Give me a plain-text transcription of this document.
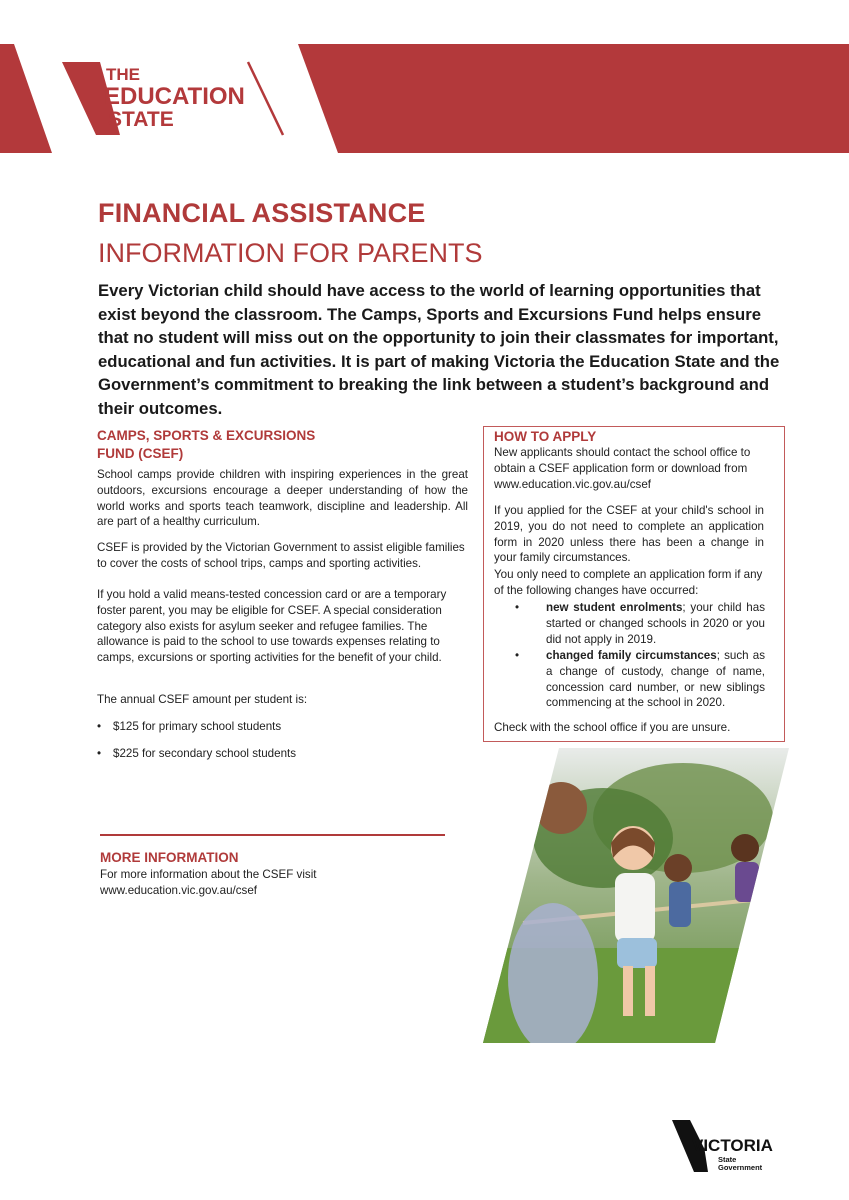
THE
EDUCATION
STATE
FINANCIAL ASSISTANCE
INFORMATION FOR PARENTS
Every Victorian child should have access to the world of learning opportunities that exist beyond the classroom. The Camps, Sports and Excursions Fund helps ensure that no student will miss out on the opportunity to join their classmates for important, educational and fun activities. It is part of making Victoria the Education State and the Government’s commitment to breaking the link between a student’s background and their outcomes.
CAMPS, SPORTS & EXCURSIONS
FUND (CSEF)
School camps provide children with inspiring experiences in the great outdoors, excursions encourage a deeper understanding of how the world works and sports teach teamwork, discipline and leadership. All are part of a healthy curriculum.
CSEF is provided by the Victorian Government to assist eligible families to cover the costs of school trips, camps and sporting activities.
If you hold a valid means-tested concession card or are a temporary foster parent, you may be eligible for CSEF. A special consideration category also exists for asylum seeker and refugee families. The allowance is paid to the school to use towards expenses relating to camps, excursions or sporting activities for the benefit of your child.
The annual CSEF amount per student is:
• $125 for primary school students
• $225 for secondary school students
MORE INFORMATION
For more information about the CSEF visit
www.education.vic.gov.au/csef
HOW TO APPLY
New applicants should contact the school office to
obtain a CSEF application form or download from
www.education.vic.gov.au/csef
If you applied for the CSEF at your child's school in 2019, you do not need to complete an application form in 2020 unless there has been a change in your family circumstances.
You only need to complete an application form if any of the following changes have occurred:
• new student enrolments; your child has started or changed schools in 2020 or you did not apply in 2019.
• changed family circumstances; such as a change of custody, change of name, concession card number, or new siblings commencing at the school in 2020.
Check with the school office if you are unsure.
VICTORIA
State
Government
